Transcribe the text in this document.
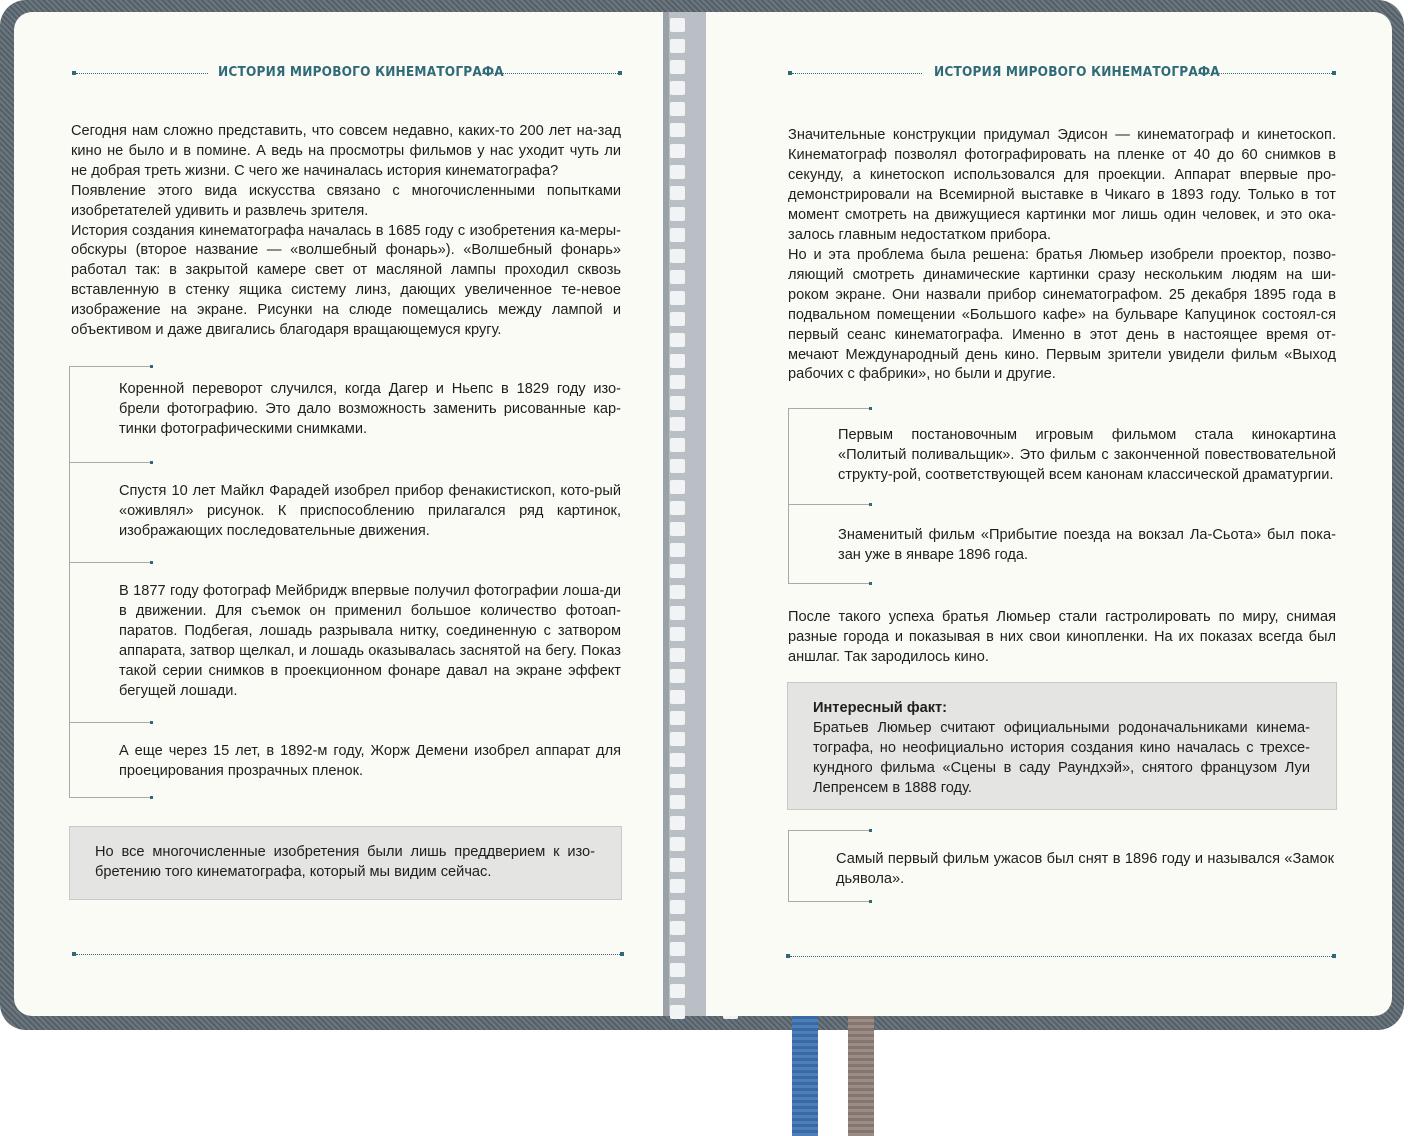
ИСТОРИЯ МИРОВОГО КИНЕМАТОГРАФА

Сегодня нам сложно представить, что совсем недавно, каких-то 200 лет на-зад кино не было и в помине. А ведь на просмотры фильмов у нас уходит чуть ли не добрая треть жизни. С чего же начиналась история кинематографа?

Появление этого вида искусства связано с многочисленными попытками изобретателей удивить и развлечь зрителя.

История создания кинематографа началась в 1685 году с изобретения ка-меры-обскуры (второе название — «волшебный фонарь»). «Волшебный фонарь» работал так: в закрытой камере свет от масляной лампы проходил сквозь вставленную в стенку ящика систему линз, дающих увеличенное те-невое изображение на экране. Рисунки на слюде помещались между лампой и объективом и даже двигались благодаря вращающемуся кругу.

Коренной переворот случился, когда Дагер и Ньепс в 1829 году изо-брели фотографию. Это дало возможность заменить рисованные кар-тинки фотографическими снимками.
Спустя 10 лет Майкл Фарадей изобрел прибор фенакистископ, кото-рый «оживлял» рисунок. К приспособлению прилагался ряд картинок, изображающих последовательные движения.
В 1877 году фотограф Мейбридж впервые получил фотографии лоша-ди в движении. Для съемок он применил большое количество фотоап-паратов. Подбегая, лошадь разрывала нитку, соединенную с затвором аппарата, затвор щелкал, и лошадь оказывалась заснятой на бегу. Показ такой серии снимков в проекционном фонаре давал на экране эффект бегущей лошади.
А еще через 15 лет, в 1892-м году, Жорж Демени изобрел аппарат для проецирования прозрачных пленок.
Но все многочисленные изобретения были лишь преддверием к изо-бретению того кинематографа, который мы видим сейчас.
ИСТОРИЯ МИРОВОГО КИНЕМАТОГРАФА
Значительные конструкции придумал Эдисон — кинематограф и кинетоскоп. Кинематограф позволял фотографировать на пленке от 40 до 60 снимков в секунду, а кинетоскоп использовался для проекции. Аппарат впервые про-демонстрировали на Всемирной выставке в Чикаго в 1893 году. Только в тот момент смотреть на движущиеся картинки мог лишь один человек, и это ока-залось главным недостатком прибора.
Но и эта проблема была решена: братья Люмьер изобрели проектор, позво-ляющий смотреть динамические картинки сразу нескольким людям на ши-роком экране. Они назвали прибор синематографом. 25 декабря 1895 года в подвальном помещении «Большого кафе» на бульваре Капуцинок состоял-ся первый сеанс кинематографа. Именно в этот день в настоящее время от-мечают Международный день кино. Первым зрители увидели фильм «Выход рабочих с фабрики», но были и другие.
Первым постановочным игровым фильмом стала кинокартина «Политый поливальщик». Это фильм с законченной повествовательной структу-рой, соответствующей всем канонам классической драматургии.
Знаменитый фильм «Прибытие поезда на вокзал Ла-Сьота» был пока-зан уже в январе 1896 года.
После такого успеха братья Люмьер стали гастролировать по миру, снимая разные города и показывая в них свои кинопленки. На их показах всегда был аншлаг. Так зародилось кино.
Интересный факт:
Братьев Люмьер считают официальными родоначальниками кинема-тографа, но неофициально история создания кино началась с трехсе-кундного фильма «Сцены в саду Раундхэй», снятого французом Луи Лепренсем в 1888 году.
Самый первый фильм ужасов был снят в 1896 году и назывался «Замок дьявола».
